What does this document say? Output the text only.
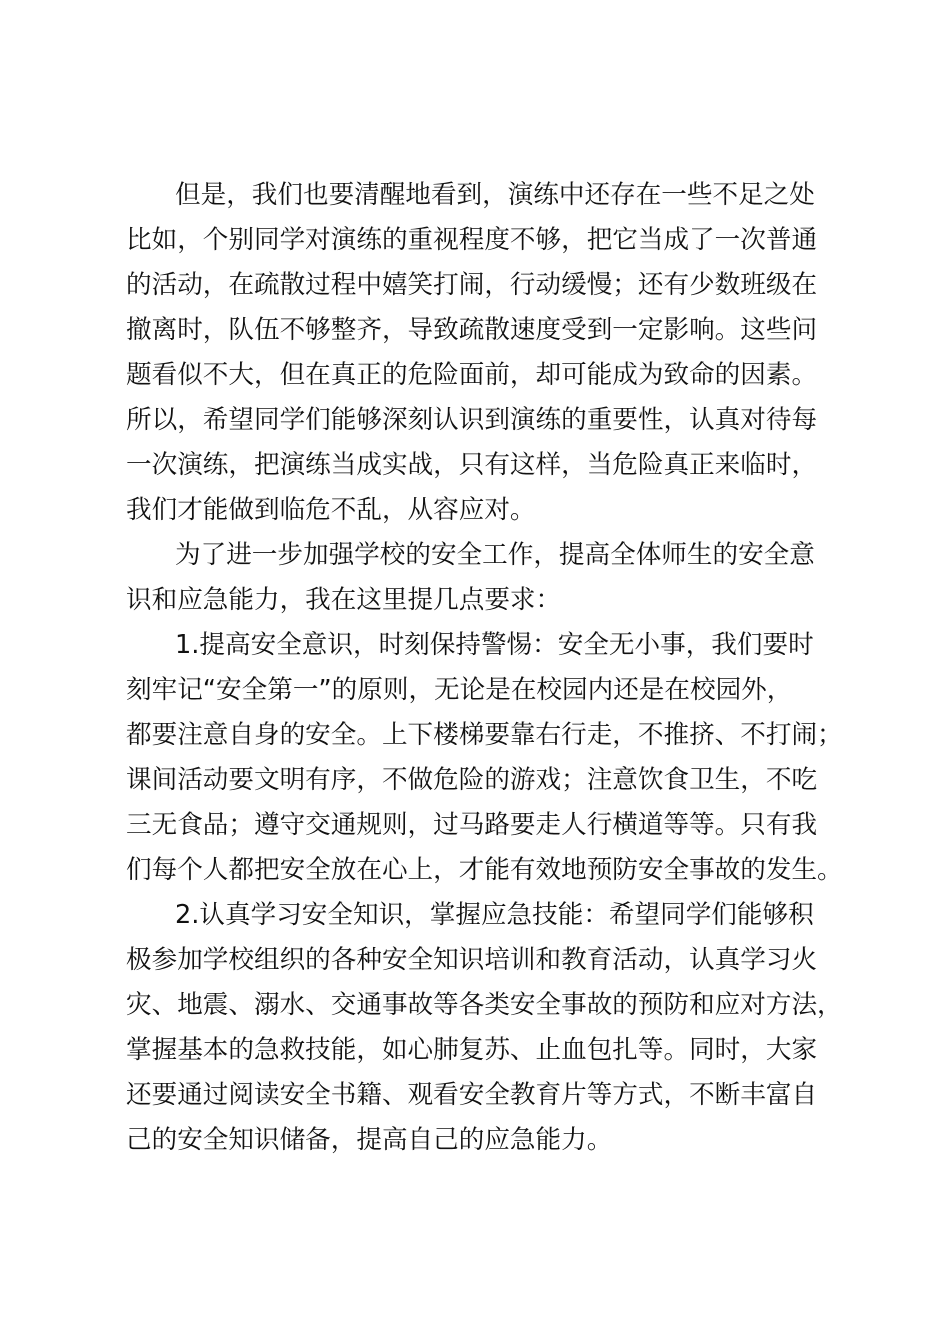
但是，我们也要清醒地看到，演练中还存在一些不足之处
比如，个别同学对演练的重视程度不够，把它当成了一次普通
的活动，在疏散过程中嬉笑打闹，行动缓慢；还有少数班级在
撤离时，队伍不够整齐，导致疏散速度受到一定影响。这些问
题看似不大，但在真正的危险面前，却可能成为致命的因素。
所以，希望同学们能够深刻认识到演练的重要性，认真对待每
一次演练，把演练当成实战，只有这样，当危险真正来临时，
我们才能做到临危不乱，从容应对。
为了进一步加强学校的安全工作，提高全体师生的安全意
识和应急能力，我在这里提几点要求：
1.提高安全意识，时刻保持警惕：安全无小事，我们要时
刻牢记“安全第一”的原则，无论是在校园内还是在校园外，
都要注意自身的安全。上下楼梯要靠右行走，不推挤、不打闹；
课间活动要文明有序，不做危险的游戏；注意饮食卫生，不吃
三无食品；遵守交通规则，过马路要走人行横道等等。只有我
们每个人都把安全放在心上，才能有效地预防安全事故的发生。
2.认真学习安全知识，掌握应急技能：希望同学们能够积
极参加学校组织的各种安全知识培训和教育活动，认真学习火
灾、地震、溺水、交通事故等各类安全事故的预防和应对方法，
掌握基本的急救技能，如心肺复苏、止血包扎等。同时，大家
还要通过阅读安全书籍、观看安全教育片等方式，不断丰富自
己的安全知识储备，提高自己的应急能力。
